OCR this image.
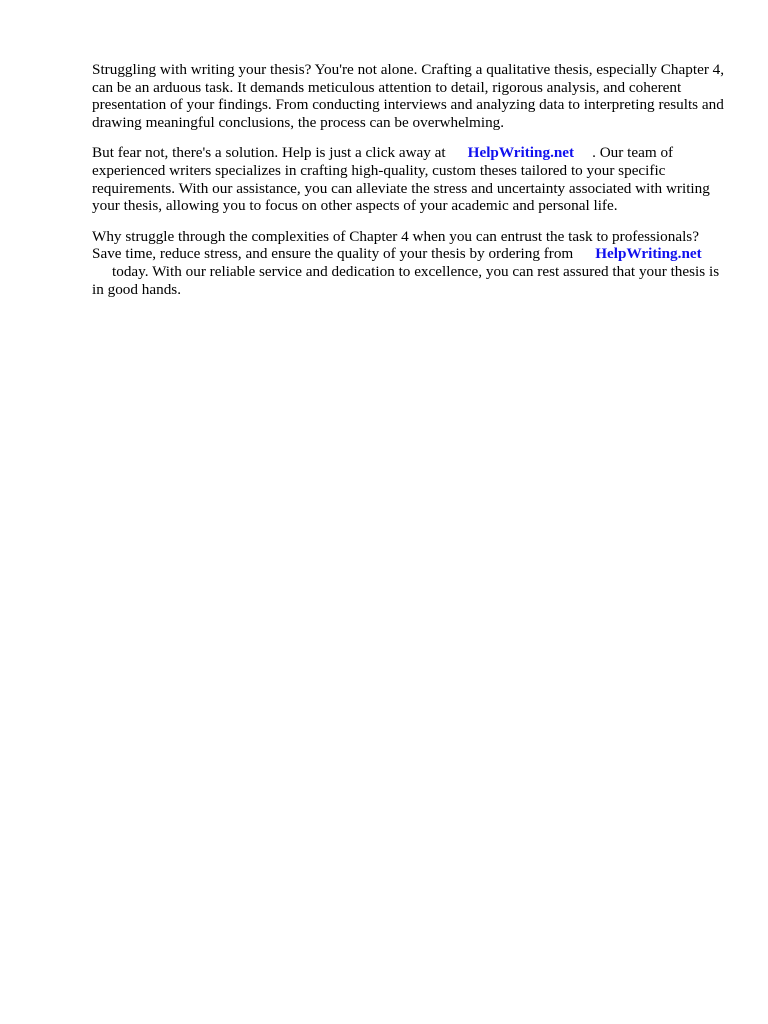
Struggling with writing your thesis? You're not alone. Crafting a qualitative thesis, especially Chapter 4, can be an arduous task. It demands meticulous attention to detail, rigorous analysis, and coherent presentation of your findings. From conducting interviews and analyzing data to interpreting results and drawing meaningful conclusions, the process can be overwhelming.

But fear not, there's a solution. Help is just a click away at HelpWriting.net . Our team of experienced writers specializes in crafting high-quality, custom theses tailored to your specific requirements. With our assistance, you can alleviate the stress and uncertainty associated with writing your thesis, allowing you to focus on other aspects of your academic and personal life.

Why struggle through the complexities of Chapter 4 when you can entrust the task to professionals? Save time, reduce stress, and ensure the quality of your thesis by ordering from HelpWriting.net
today. With our reliable service and dedication to excellence, you can rest assured that your thesis is in good hands.
